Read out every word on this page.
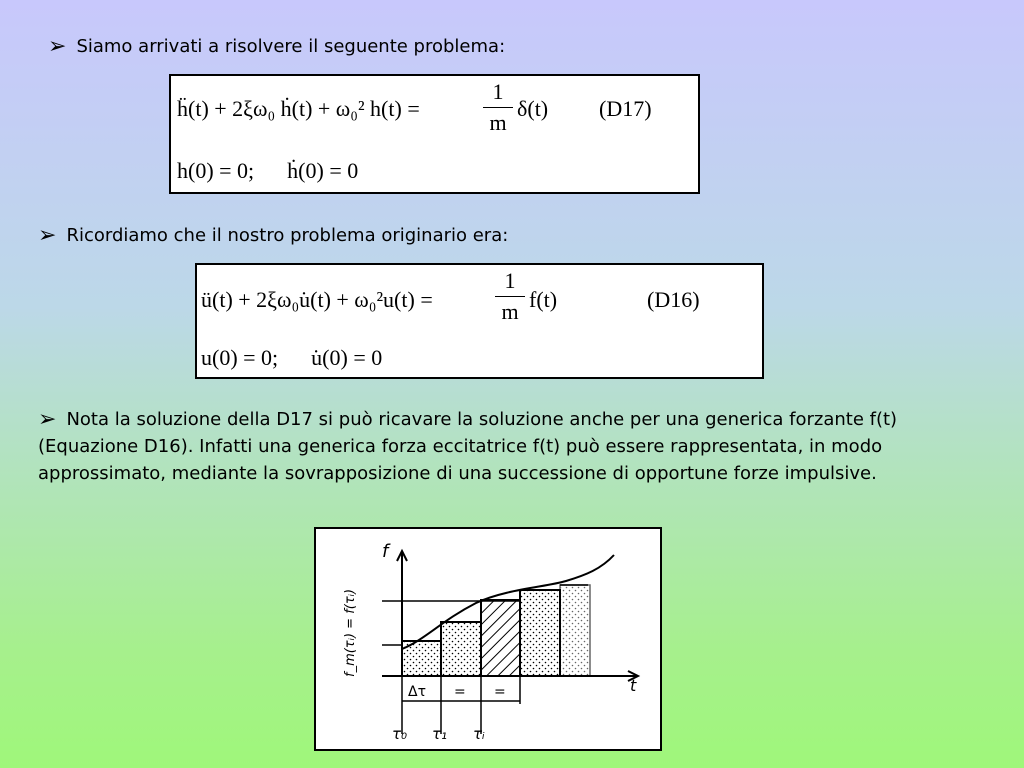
➢ Siamo arrivati a risolvere il seguente problema:
ḧ(t) + 2ξω₀ ḣ(t) + ω₀² h(t) =
1
m
δ(t) (D17)
h(0) = 0;      ḣ(0) = 0
➢ Ricordiamo che il nostro problema originario era:
ü(t) + 2ξω₀u̇(t) + ω₀²u(t) =
1
m f(t)	(D16)
u(0) = 0;      u̇(0) = 0
➢ Nota la soluzione della D17 si può ricavare la soluzione anche per una generica forzante f(t) (Equazione D16). Infatti una generica forza eccitatrice f(t) può essere rappresentata, in modo approssimato, mediante la sovrapposizione di una successione di opportune forze impulsive.
f
t
Δτ = =
τ₀ τ₁ τᵢ
f_m(τᵢ) = f(τᵢ)
